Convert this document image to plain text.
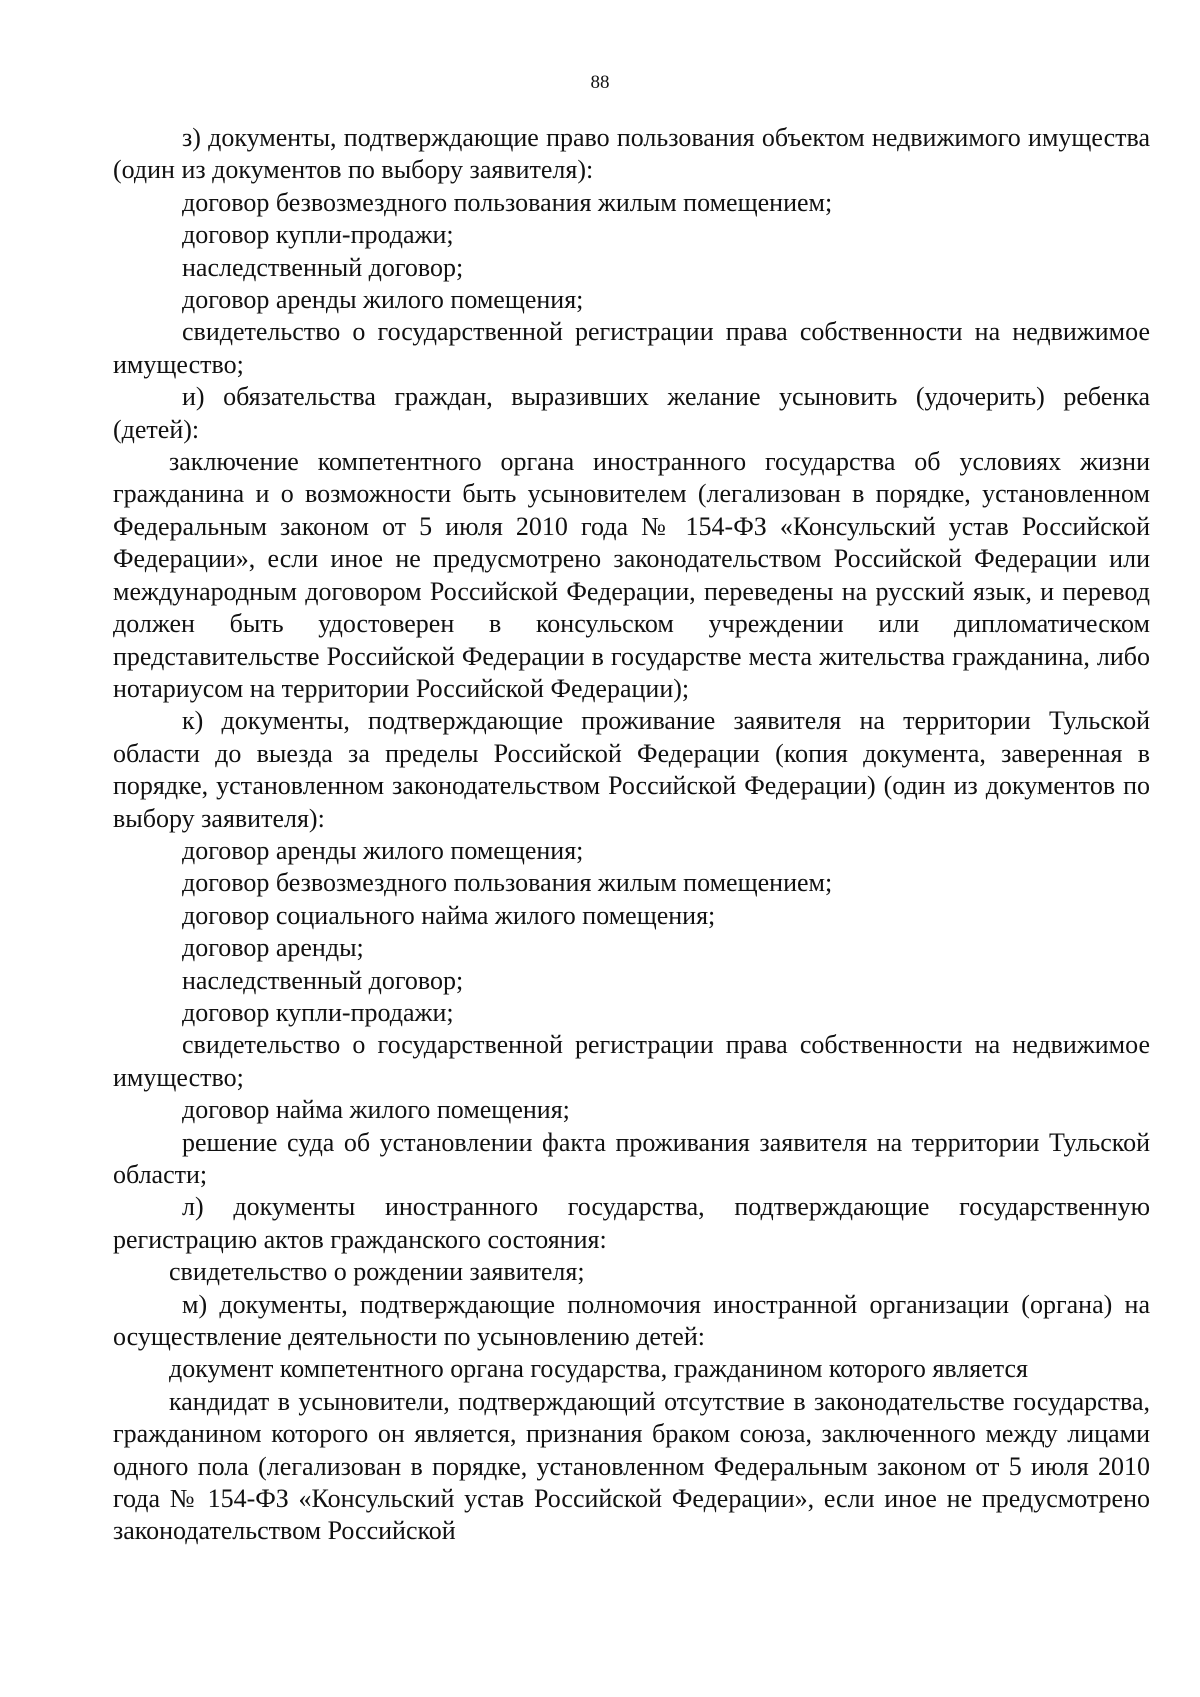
88

з) документы, подтверждающие право пользования объектом недвижимого имущества (один из документов по выбору заявителя):

договор безвозмездного пользования жилым помещением;

договор купли-продажи;

наследственный договор;

договор аренды жилого помещения;

свидетельство о государственной регистрации права собственности на недвижимое имущество;

и) обязательства граждан, выразивших желание усыновить (удочерить) ребенка (детей):

заключение компетентного органа иностранного государства об условиях жизни гражданина и о возможности быть усыновителем (легализован в порядке, установленном Федеральным законом от 5 июля 2010 года № 154-ФЗ «Консульский устав Российской Федерации», если иное не предусмотрено законодательством Российской Федерации или международным договором Российской Федерации, переведены на русский язык, и перевод должен быть удостоверен в консульском учреждении или дипломатическом представительстве Российской Федерации в государстве места жительства гражданина, либо нотариусом на территории Российской Федерации);

к) документы, подтверждающие проживание заявителя на территории Тульской области до выезда за пределы Российской Федерации (копия документа, заверенная в порядке, установленном законодательством Российской Федерации) (один из документов по выбору заявителя):

договор аренды жилого помещения;

договор безвозмездного пользования жилым помещением;

договор социального найма жилого помещения;

договор аренды;

наследственный договор;

договор купли-продажи;

свидетельство о государственной регистрации права собственности на недвижимое имущество;

договор найма жилого помещения;

решение суда об установлении факта проживания заявителя на территории Тульской области;

л) документы иностранного государства, подтверждающие государственную регистрацию актов гражданского состояния:

свидетельство о рождении заявителя;

м) документы, подтверждающие полномочия иностранной организации (органа) на осуществление деятельности по усыновлению детей:

документ компетентного органа государства, гражданином которого является

кандидат в усыновители, подтверждающий отсутствие в законодательстве государства, гражданином которого он является, признания браком союза, заключенного между лицами одного пола (легализован в порядке, установленном Федеральным законом от 5 июля 2010 года № 154-ФЗ «Консульский устав Российской Федерации», если иное не предусмотрено законодательством Российской
